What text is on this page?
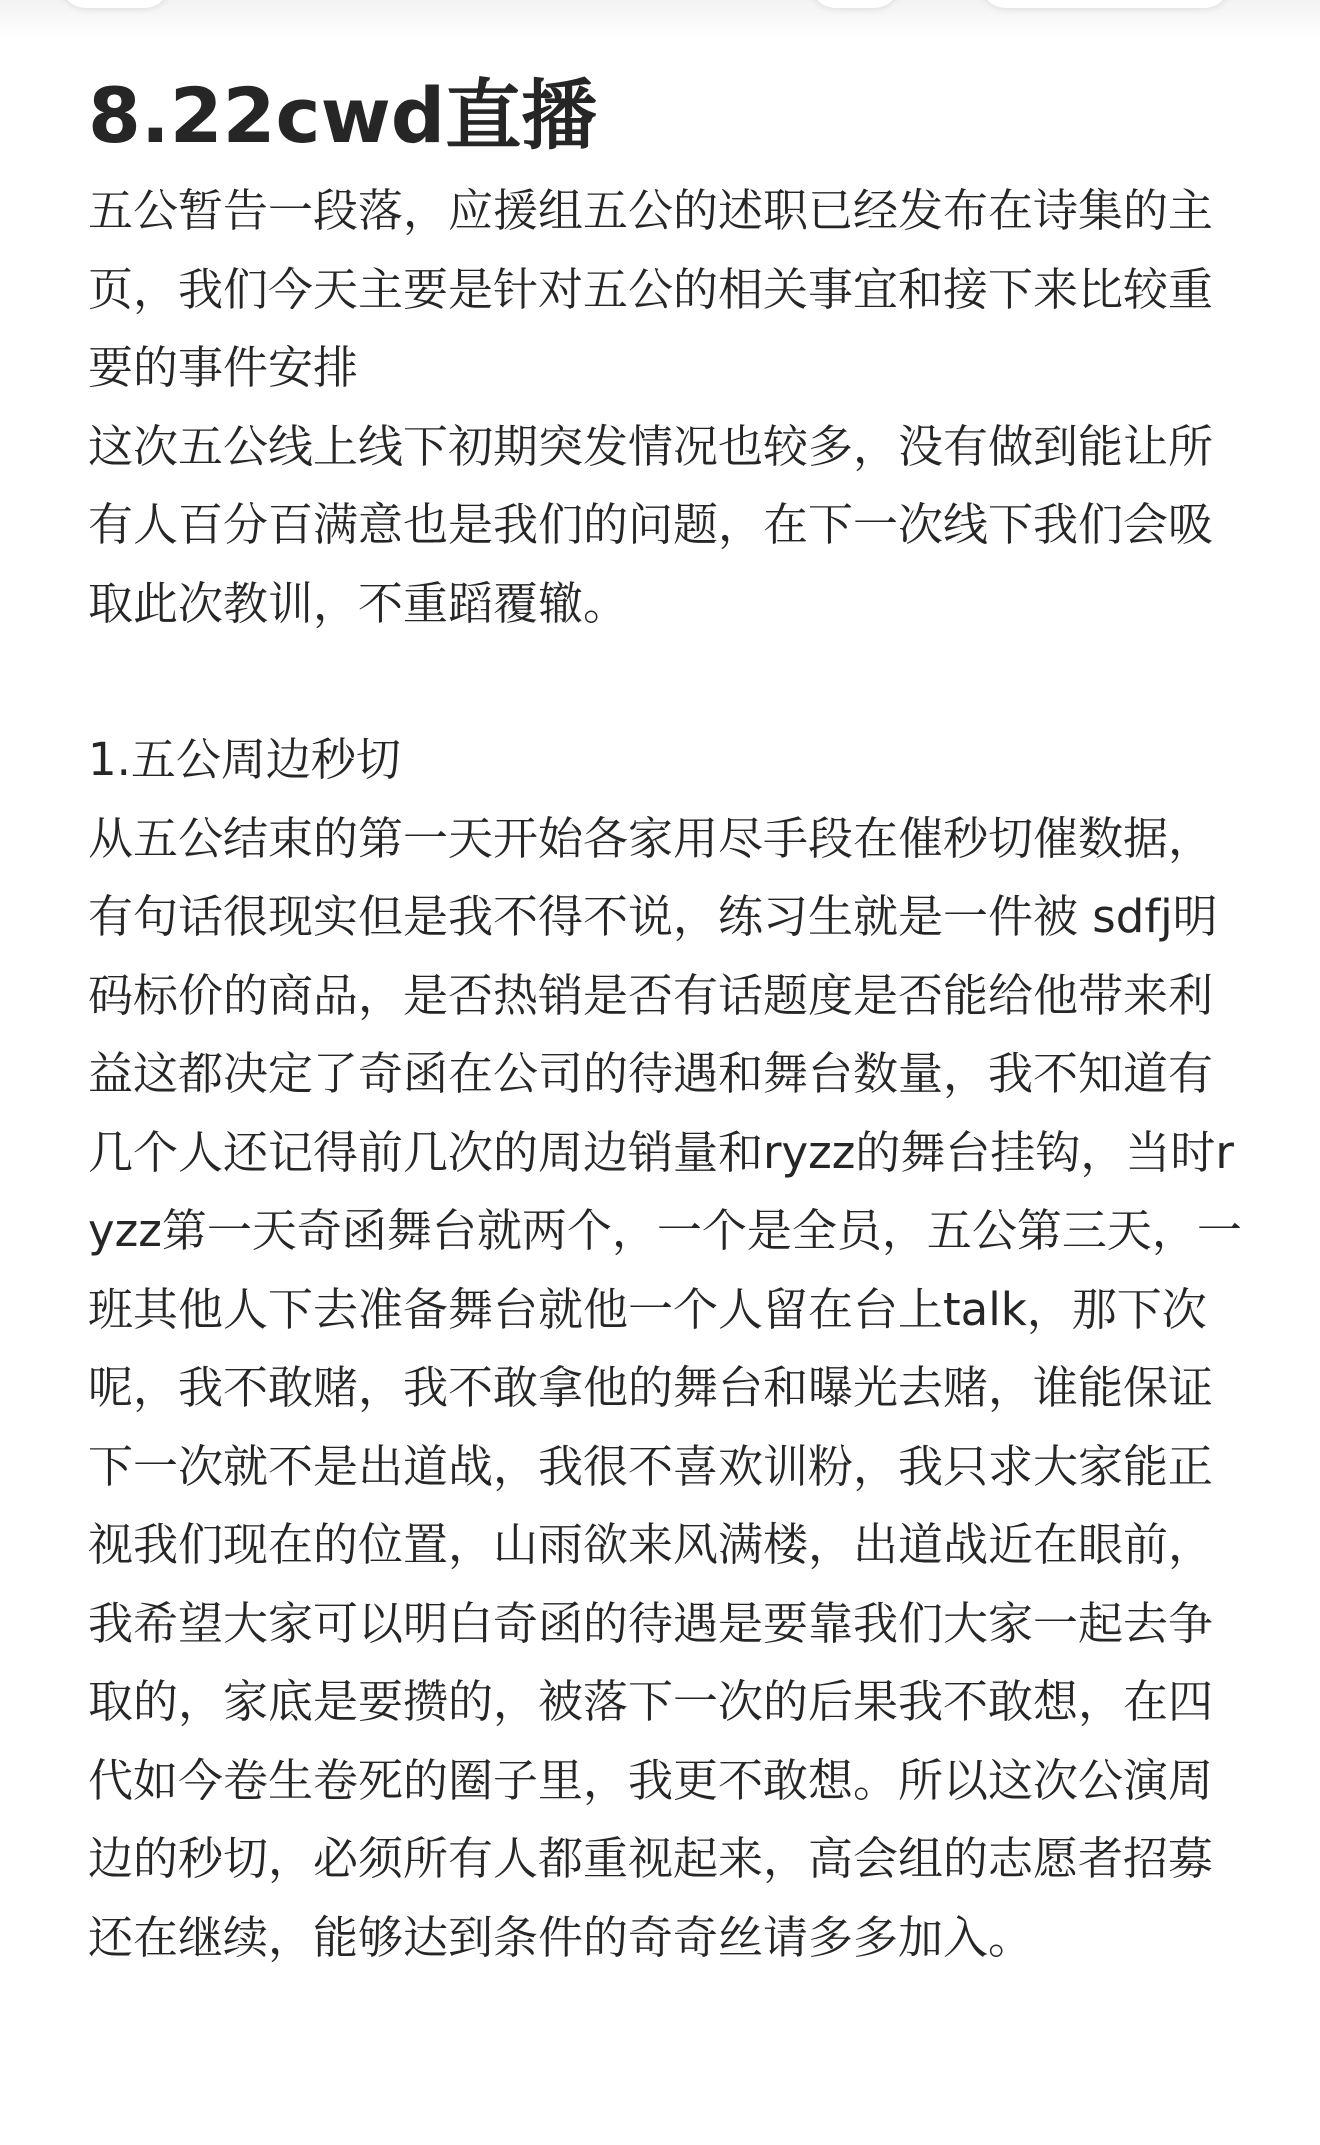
8.22cwd直播

五公暂告一段落，应援组五公的述职已经发布在诗集的主页，我们今天主要是针对五公的相关事宜和接下来比较重要的事件安排

这次五公线上线下初期突发情况也较多，没有做到能让所有人百分百满意也是我们的问题，在下一次线下我们会吸取此次教训，不重蹈覆辙。

1.五公周边秒切

从五公结束的第一天开始各家用尽手段在催秒切催数据，有句话很现实但是我不得不说，练习生就是一件被 sdfj明码标价的商品，是否热销是否有话题度是否能给他带来利益这都决定了奇函在公司的待遇和舞台数量，我不知道有几个人还记得前几次的周边销量和ryzz的舞台挂钩，当时ryzz第一天奇函舞台就两个，一个是全员，五公第三天，一班其他人下去准备舞台就他一个人留在台上talk，那下次呢，我不敢赌，我不敢拿他的舞台和曝光去赌，谁能保证下一次就不是出道战，我很不喜欢训粉，我只求大家能正视我们现在的位置，山雨欲来风满楼，出道战近在眼前，我希望大家可以明白奇函的待遇是要靠我们大家一起去争取的，家底是要攒的，被落下一次的后果我不敢想，在四代如今卷生卷死的圈子里，我更不敢想。所以这次公演周边的秒切，必须所有人都重视起来，高会组的志愿者招募还在继续，能够达到条件的奇奇丝请多多加入。
